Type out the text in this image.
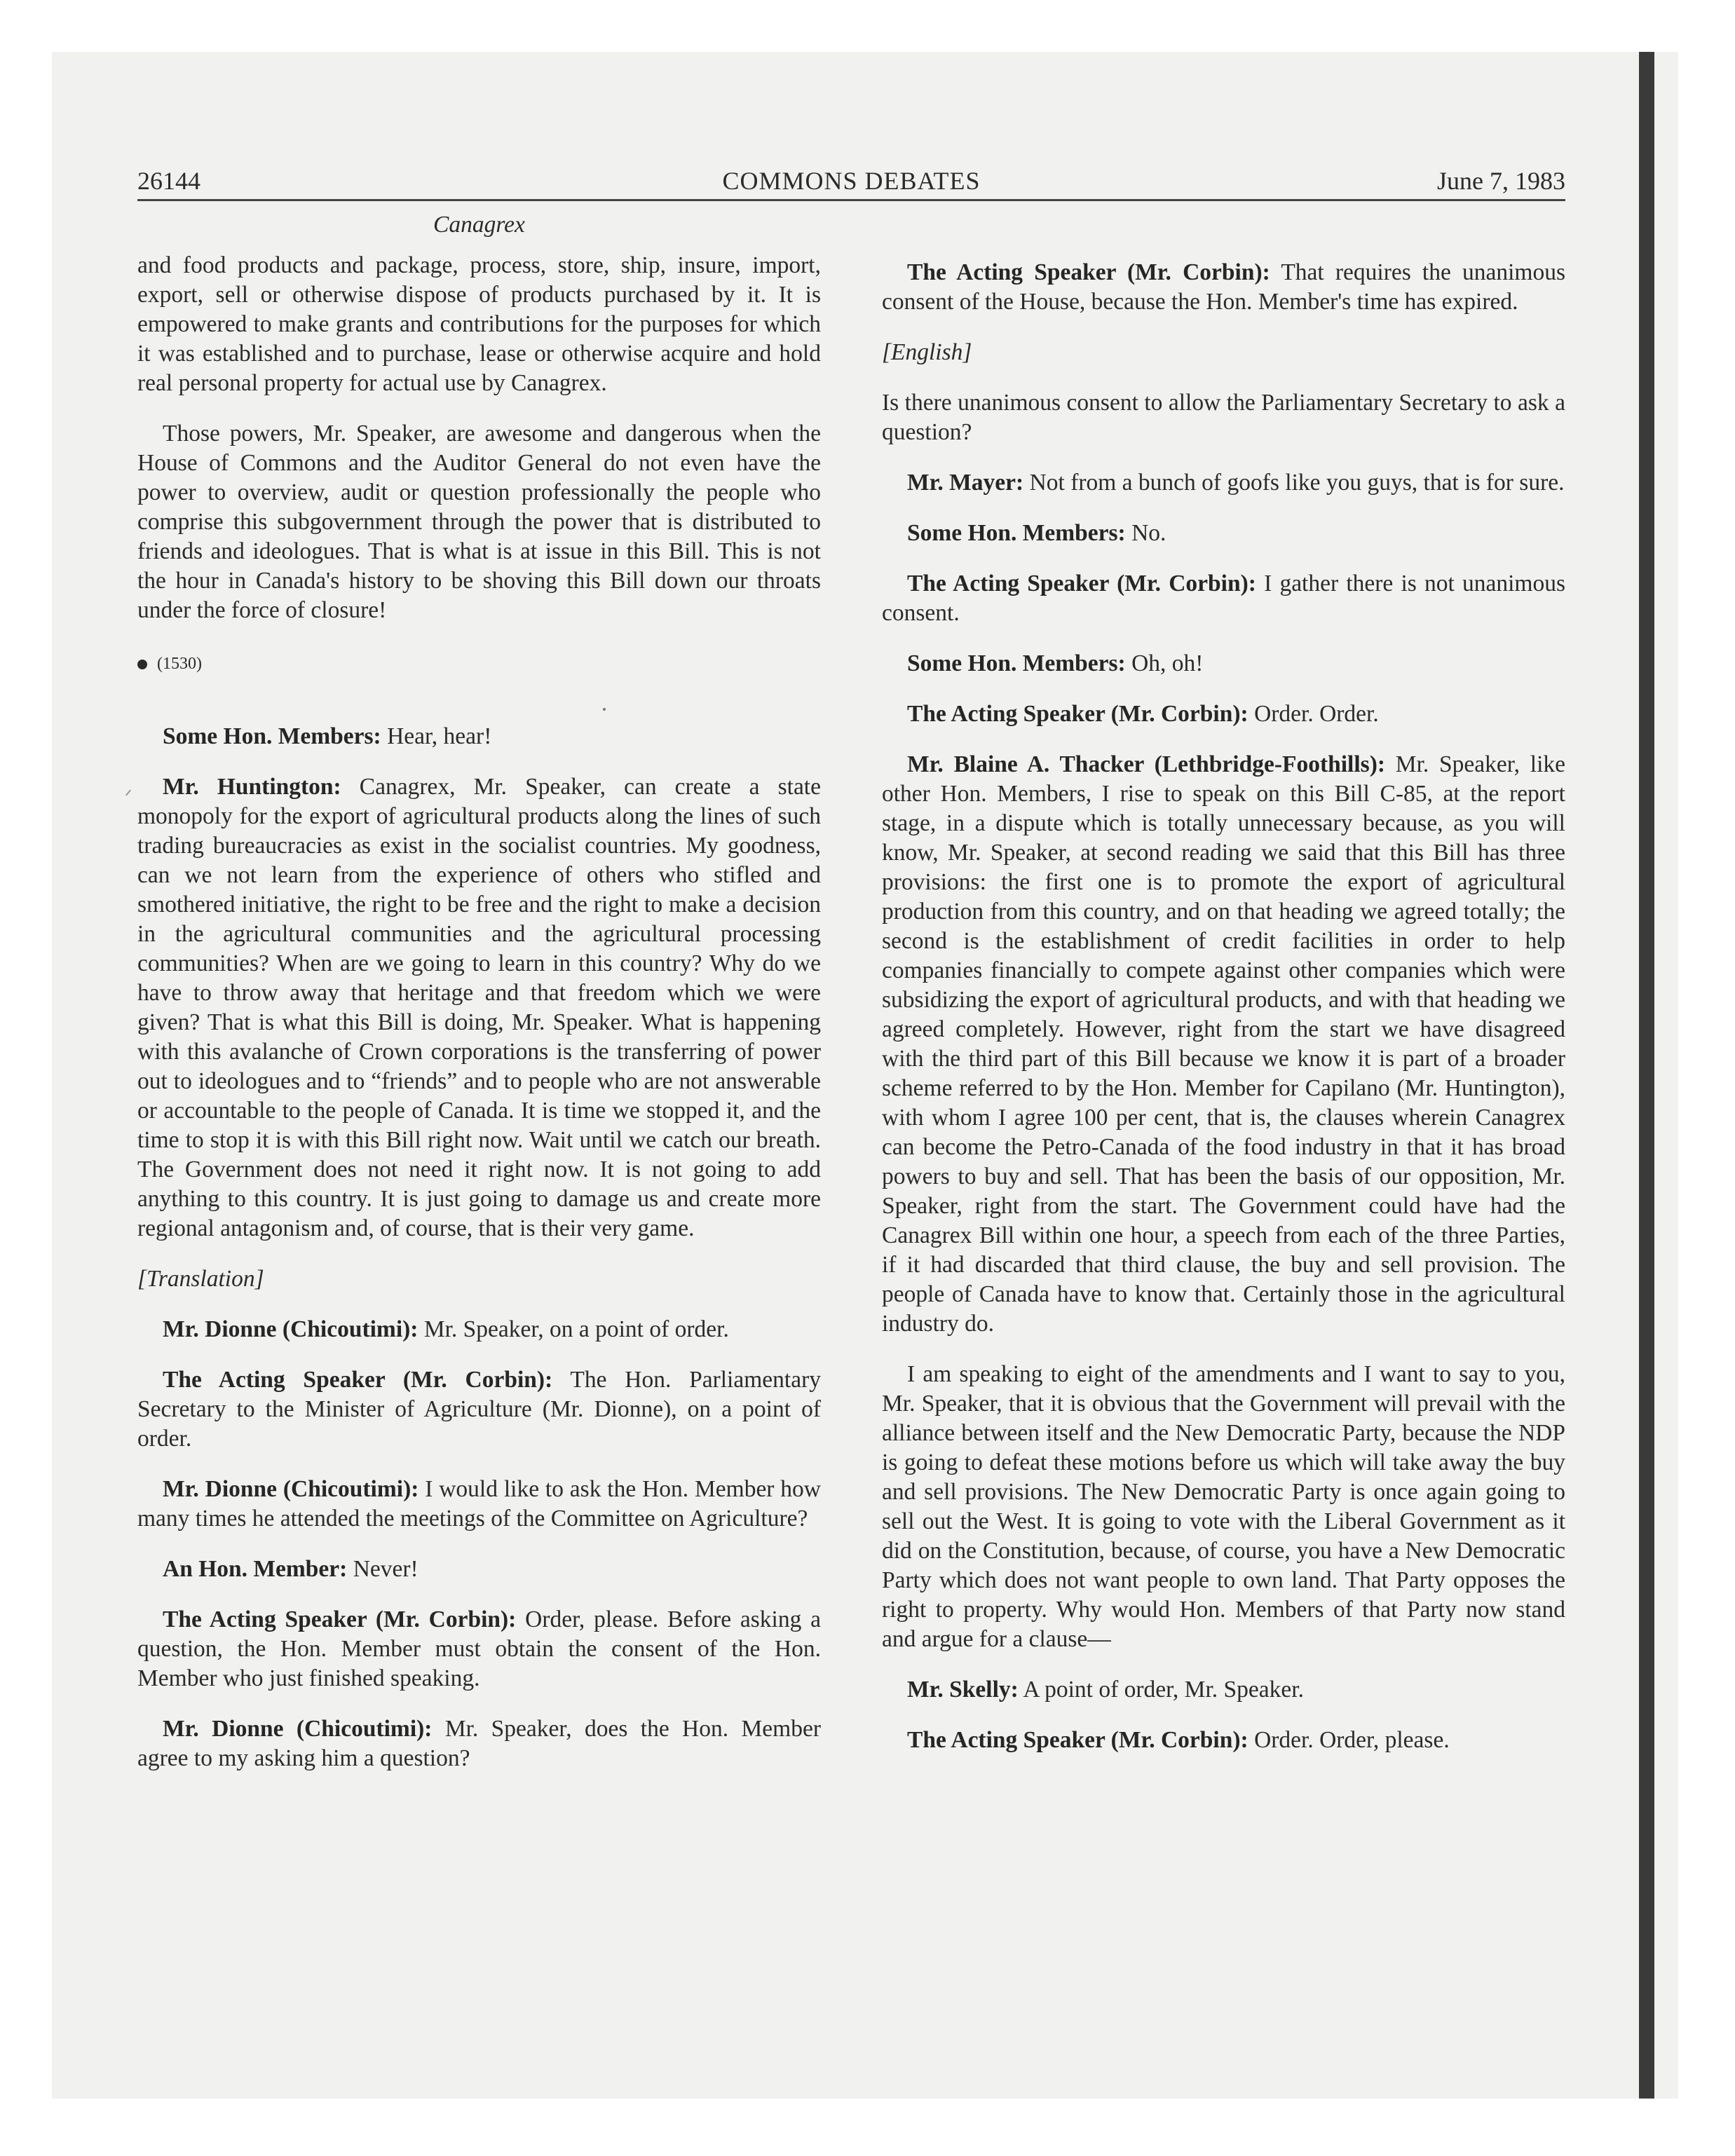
26144	COMMONS DEBATES	June 7, 1983
Canagrex

and food products and package, process, store, ship, insure, import, export, sell or otherwise dispose of products purchased by it. It is empowered to make grants and contributions for the purposes for which it was established and to purchase, lease or otherwise acquire and hold real personal property for actual use by Canagrex.

Those powers, Mr. Speaker, are awesome and dangerous when the House of Commons and the Auditor General do not even have the power to overview, audit or question professionally the people who comprise this subgovernment through the power that is distributed to friends and ideologues. That is what is at issue in this Bill. This is not the hour in Canada's history to be shoving this Bill down our throats under the force of closure!

(1530)

Some Hon. Members: Hear, hear!

Mr. Huntington: Canagrex, Mr. Speaker, can create a state monopoly for the export of agricultural products along the lines of such trading bureaucracies as exist in the socialist countries. My goodness, can we not learn from the experience of others who stifled and smothered initiative, the right to be free and the right to make a decision in the agricultural communities and the agricultural processing communities? When are we going to learn in this country? Why do we have to throw away that heritage and that freedom which we were given? That is what this Bill is doing, Mr. Speaker. What is happening with this avalanche of Crown corporations is the transferring of power out to ideologues and to “friends” and to people who are not answerable or accountable to the people of Canada. It is time we stopped it, and the time to stop it is with this Bill right now. Wait until we catch our breath. The Government does not need it right now. It is not going to add anything to this country. It is just going to damage us and create more regional antagonism and, of course, that is their very game.

[Translation]

Mr. Dionne (Chicoutimi): Mr. Speaker, on a point of order.

The Acting Speaker (Mr. Corbin): The Hon. Parliamentary Secretary to the Minister of Agriculture (Mr. Dionne), on a point of order.

Mr. Dionne (Chicoutimi): I would like to ask the Hon. Member how many times he attended the meetings of the Committee on Agriculture?

An Hon. Member: Never!

The Acting Speaker (Mr. Corbin): Order, please. Before asking a question, the Hon. Member must obtain the consent of the Hon. Member who just finished speaking.

Mr. Dionne (Chicoutimi): Mr. Speaker, does the Hon. Member agree to my asking him a question?

The Acting Speaker (Mr. Corbin): That requires the unanimous consent of the House, because the Hon. Member's time has expired.

[English]

Is there unanimous consent to allow the Parliamentary Secretary to ask a question?

Mr. Mayer: Not from a bunch of goofs like you guys, that is for sure.

Some Hon. Members: No.

The Acting Speaker (Mr. Corbin): I gather there is not unanimous consent.

Some Hon. Members: Oh, oh!

The Acting Speaker (Mr. Corbin): Order. Order.

Mr. Blaine A. Thacker (Lethbridge-Foothills): Mr. Speaker, like other Hon. Members, I rise to speak on this Bill C-85, at the report stage, in a dispute which is totally unnecessary because, as you will know, Mr. Speaker, at second reading we said that this Bill has three provisions: the first one is to promote the export of agricultural production from this country, and on that heading we agreed totally; the second is the establishment of credit facilities in order to help companies financially to compete against other companies which were subsidizing the export of agricultural products, and with that heading we agreed completely. However, right from the start we have disagreed with the third part of this Bill because we know it is part of a broader scheme referred to by the Hon. Member for Capilano (Mr. Huntington), with whom I agree 100 per cent, that is, the clauses wherein Canagrex can become the Petro-Canada of the food industry in that it has broad powers to buy and sell. That has been the basis of our opposition, Mr. Speaker, right from the start. The Government could have had the Canagrex Bill within one hour, a speech from each of the three Parties, if it had discarded that third clause, the buy and sell provision. The people of Canada have to know that. Certainly those in the agricultural industry do.

I am speaking to eight of the amendments and I want to say to you, Mr. Speaker, that it is obvious that the Government will prevail with the alliance between itself and the New Democratic Party, because the NDP is going to defeat these motions before us which will take away the buy and sell provisions. The New Democratic Party is once again going to sell out the West. It is going to vote with the Liberal Government as it did on the Constitution, because, of course, you have a New Democratic Party which does not want people to own land. That Party opposes the right to property. Why would Hon. Members of that Party now stand and argue for a clause—

Mr. Skelly: A point of order, Mr. Speaker.

The Acting Speaker (Mr. Corbin): Order. Order, please.
